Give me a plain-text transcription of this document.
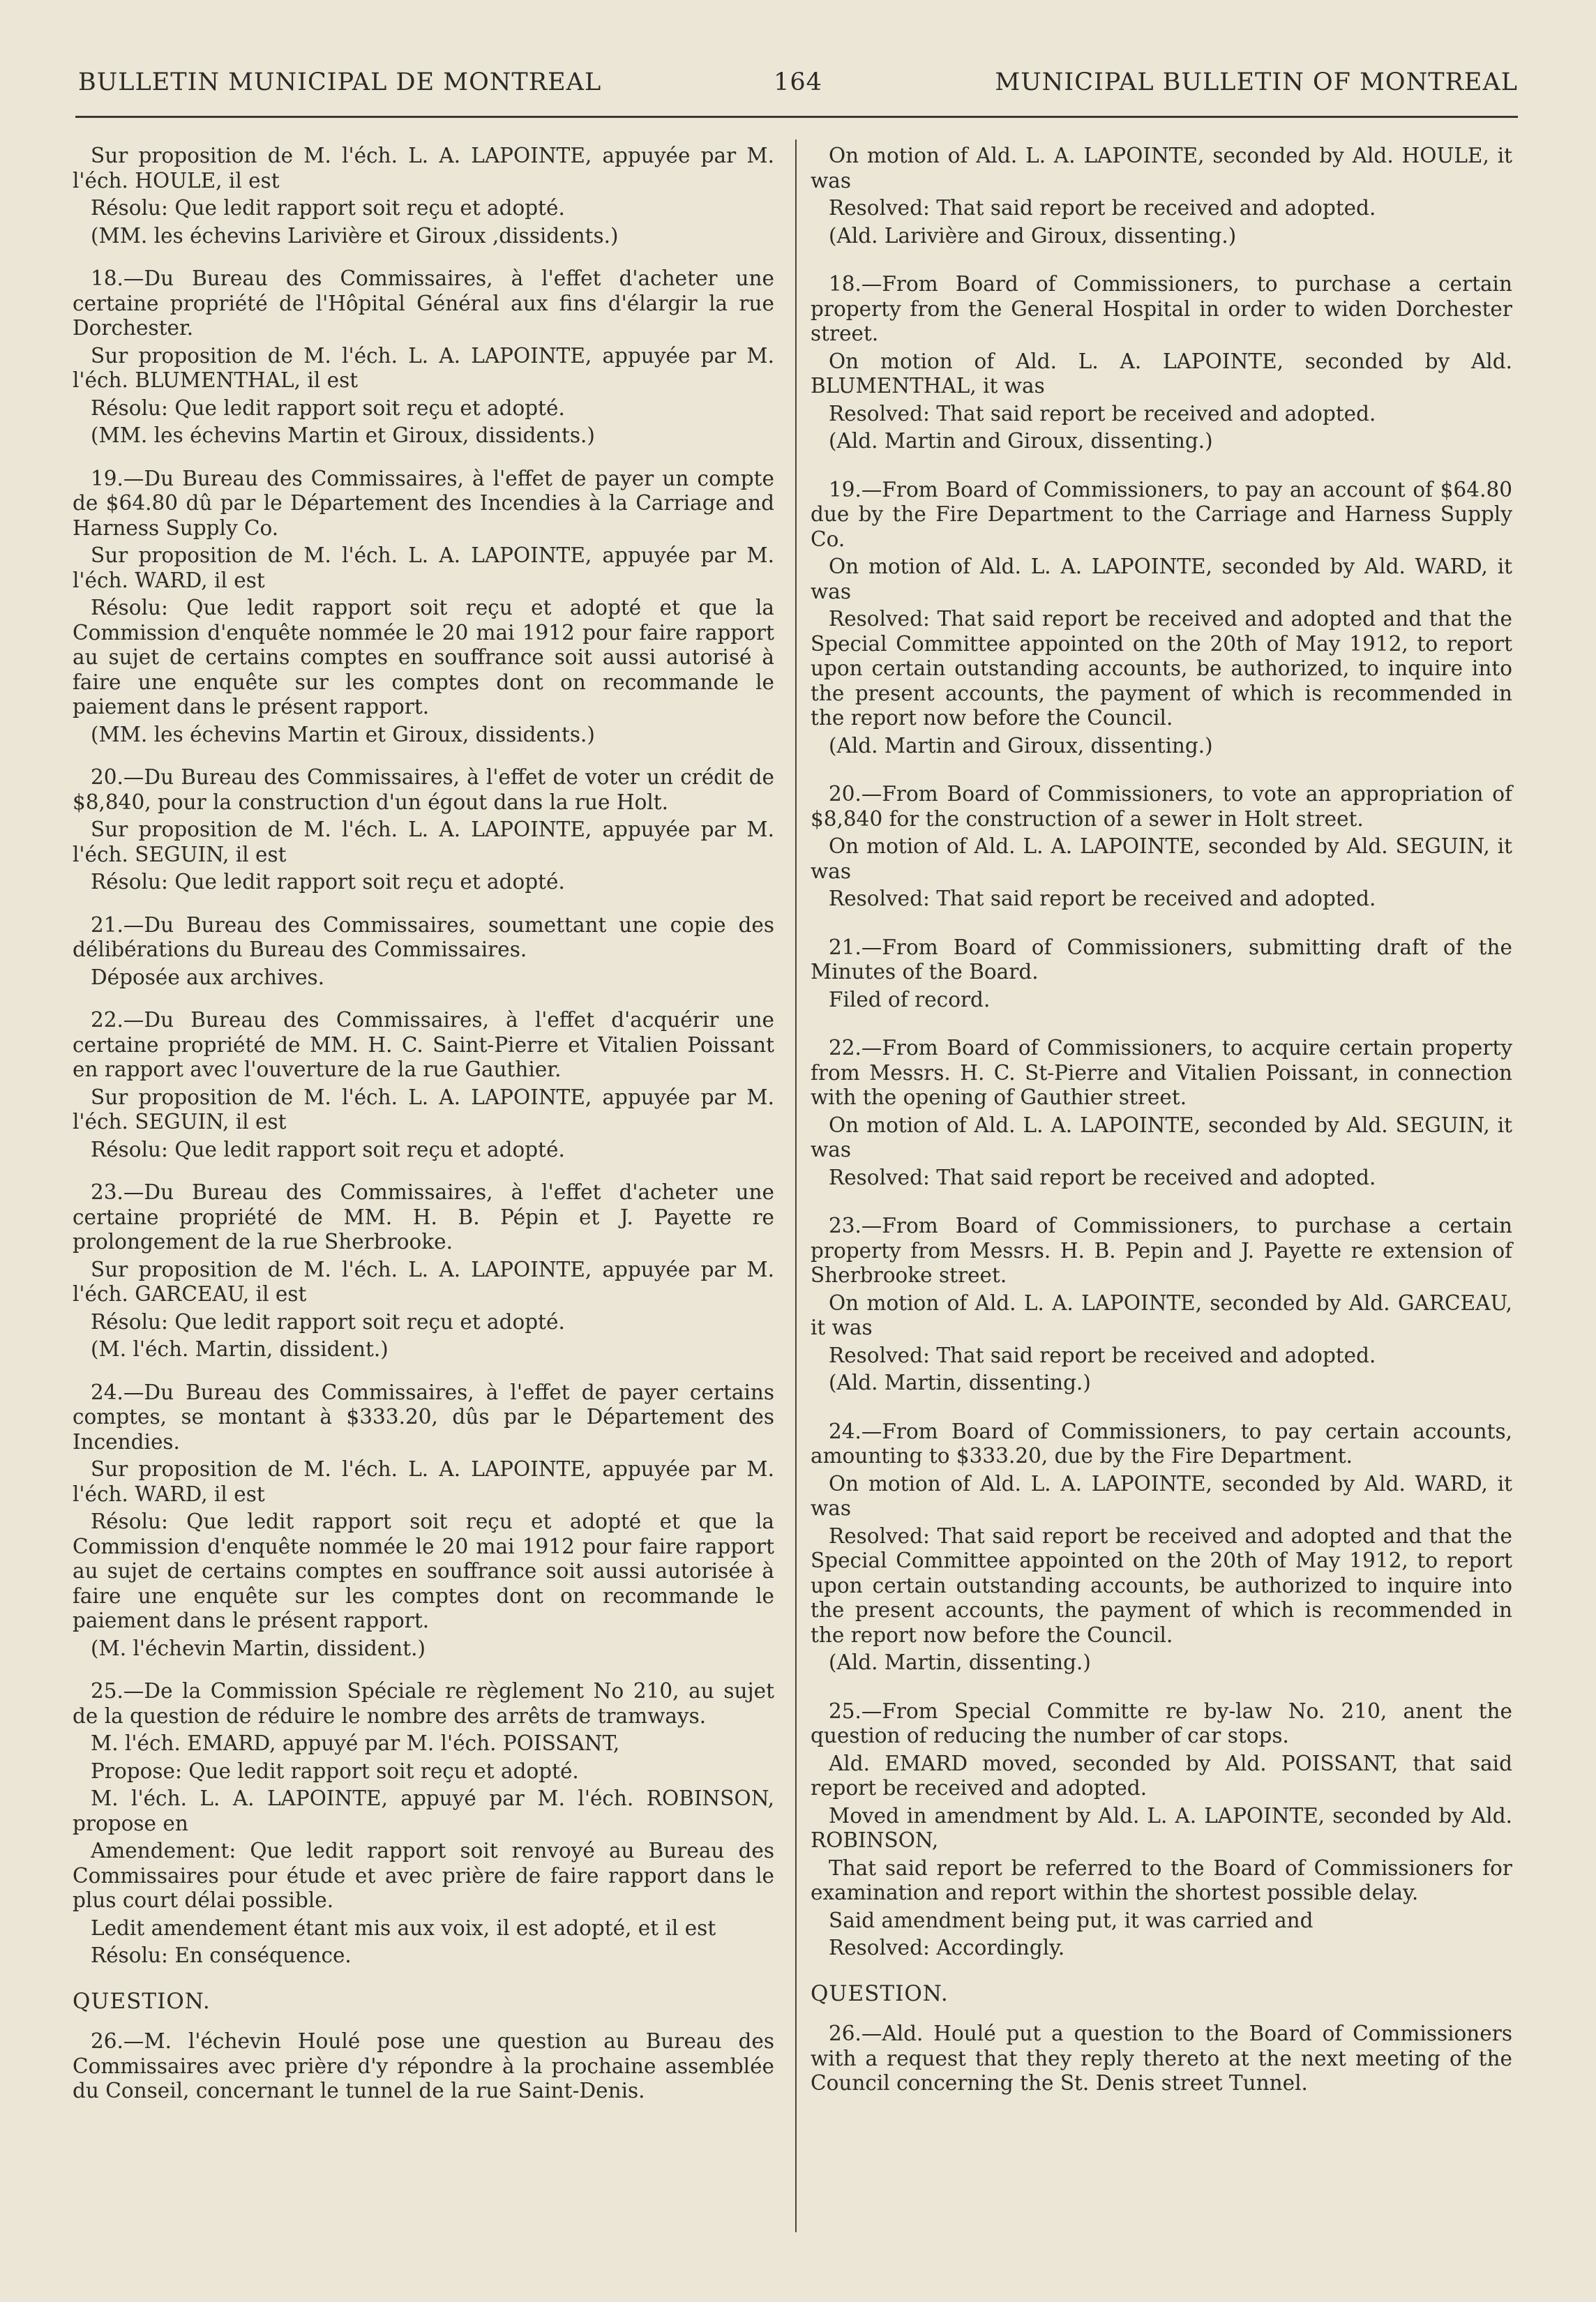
BULLETIN MUNICIPAL DE MONTREAL	164	MUNICIPAL BULLETIN OF MONTREAL

Sur proposition de M. l'éch. L. A. LAPOINTE, appuyée par M. l'éch. HOULE, il est

Résolu: Que ledit rapport soit reçu et adopté.

(MM. les échevins Larivière et Giroux ,dissidents.)

18.—Du Bureau des Commissaires, à l'effet d'acheter une certaine propriété de l'Hôpital Général aux fins d'élargir la rue Dorchester.

Sur proposition de M. l'éch. L. A. LAPOINTE, appuyée par M. l'éch. BLUMENTHAL, il est

Résolu: Que ledit rapport soit reçu et adopté.

(MM. les échevins Martin et Giroux, dissidents.)

19.—Du Bureau des Commissaires, à l'effet de payer un compte de $64.80 dû par le Département des Incendies à la Carriage and Harness Supply Co.

Sur proposition de M. l'éch. L. A. LAPOINTE, appuyée par M. l'éch. WARD, il est

Résolu: Que ledit rapport soit reçu et adopté et que la Commission d'enquête nommée le 20 mai 1912 pour faire rapport au sujet de certains comptes en souffrance soit aussi autorisé à faire une enquête sur les comptes dont on recommande le paiement dans le présent rapport.

(MM. les échevins Martin et Giroux, dissidents.)

20.—Du Bureau des Commissaires, à l'effet de voter un crédit de $8,840, pour la construction d'un égout dans la rue Holt.

Sur proposition de M. l'éch. L. A. LAPOINTE, appuyée par M. l'éch. SEGUIN, il est

Résolu: Que ledit rapport soit reçu et adopté.

21.—Du Bureau des Commissaires, soumettant une copie des délibérations du Bureau des Commissaires.

Déposée aux archives.

22.—Du Bureau des Commissaires, à l'effet d'acquérir une certaine propriété de MM. H. C. Saint-Pierre et Vitalien Poissant en rapport avec l'ouverture de la rue Gauthier.

Sur proposition de M. l'éch. L. A. LAPOINTE, appuyée par M. l'éch. SEGUIN, il est

Résolu: Que ledit rapport soit reçu et adopté.

23.—Du Bureau des Commissaires, à l'effet d'acheter une certaine propriété de MM. H. B. Pépin et J. Payette re prolongement de la rue Sherbrooke.

Sur proposition de M. l'éch. L. A. LAPOINTE, appuyée par M. l'éch. GARCEAU, il est

Résolu: Que ledit rapport soit reçu et adopté.

(M. l'éch. Martin, dissident.)

24.—Du Bureau des Commissaires, à l'effet de payer certains comptes, se montant à $333.20, dûs par le Département des Incendies.

Sur proposition de M. l'éch. L. A. LAPOINTE, appuyée par M. l'éch. WARD, il est

Résolu: Que ledit rapport soit reçu et adopté et que la Commission d'enquête nommée le 20 mai 1912 pour faire rapport au sujet de certains comptes en souffrance soit aussi autorisée à faire une enquête sur les comptes dont on recommande le paiement dans le présent rapport.

(M. l'échevin Martin, dissident.)

25.—De la Commission Spéciale re règlement No 210, au sujet de la question de réduire le nombre des arrêts de tramways.

M. l'éch. EMARD, appuyé par M. l'éch. POISSANT,

Propose: Que ledit rapport soit reçu et adopté.

M. l'éch. L. A. LAPOINTE, appuyé par M. l'éch. ROBINSON, propose en

Amendement: Que ledit rapport soit renvoyé au Bureau des Commissaires pour étude et avec prière de faire rapport dans le plus court délai possible.

Ledit amendement étant mis aux voix, il est adopté, et il est

Résolu: En conséquence.

QUESTION.

26.—M. l'échevin Houlé pose une question au Bureau des Commissaires avec prière d'y répondre à la prochaine assemblée du Conseil, concernant le tunnel de la rue Saint-Denis.

On motion of Ald. L. A. LAPOINTE, seconded by Ald. HOULE, it was

Resolved: That said report be received and adopted.

(Ald. Larivière and Giroux, dissenting.)

18.—From Board of Commissioners, to purchase a certain property from the General Hospital in order to widen Dorchester street.

On motion of Ald. L. A. LAPOINTE, seconded by Ald. BLUMENTHAL, it was

Resolved: That said report be received and adopted.

(Ald. Martin and Giroux, dissenting.)

19.—From Board of Commissioners, to pay an account of $64.80 due by the Fire Department to the Carriage and Harness Supply Co.

On motion of Ald. L. A. LAPOINTE, seconded by Ald. WARD, it was

Resolved: That said report be received and adopted and that the Special Committee appointed on the 20th of May 1912, to report upon certain outstanding accounts, be authorized, to inquire into the present accounts, the payment of which is recommended in the report now before the Council.

(Ald. Martin and Giroux, dissenting.)

20.—From Board of Commissioners, to vote an appropriation of $8,840 for the construction of a sewer in Holt street.

On motion of Ald. L. A. LAPOINTE, seconded by Ald. SEGUIN, it was

Resolved: That said report be received and adopted.

21.—From Board of Commissioners, submitting draft of the Minutes of the Board.

Filed of record.

22.—From Board of Commissioners, to acquire certain property from Messrs. H. C. St-Pierre and Vitalien Poissant, in connection with the opening of Gauthier street.

On motion of Ald. L. A. LAPOINTE, seconded by Ald. SEGUIN, it was

Resolved: That said report be received and adopted.

23.—From Board of Commissioners, to purchase a certain property from Messrs. H. B. Pepin and J. Payette re extension of Sherbrooke street.

On motion of Ald. L. A. LAPOINTE, seconded by Ald. GARCEAU, it was

Resolved: That said report be received and adopted.

(Ald. Martin, dissenting.)

24.—From Board of Commissioners, to pay certain accounts, amounting to $333.20, due by the Fire Department.

On motion of Ald. L. A. LAPOINTE, seconded by Ald. WARD, it was

Resolved: That said report be received and adopted and that the Special Committee appointed on the 20th of May 1912, to report upon certain outstanding accounts, be authorized to inquire into the present accounts, the payment of which is recommended in the report now before the Council.

(Ald. Martin, dissenting.)

25.—From Special Committe re by-law No. 210, anent the question of reducing the number of car stops.

Ald. EMARD moved, seconded by Ald. POISSANT, that said report be received and adopted.

Moved in amendment by Ald. L. A. LAPOINTE, seconded by Ald. ROBINSON,

That said report be referred to the Board of Commissioners for examination and report within the shortest possible delay.

Said amendment being put, it was carried and

Resolved: Accordingly.

QUESTION.

26.—Ald. Houlé put a question to the Board of Commissioners with a request that they reply thereto at the next meeting of the Council concerning the St. Denis street Tunnel.
